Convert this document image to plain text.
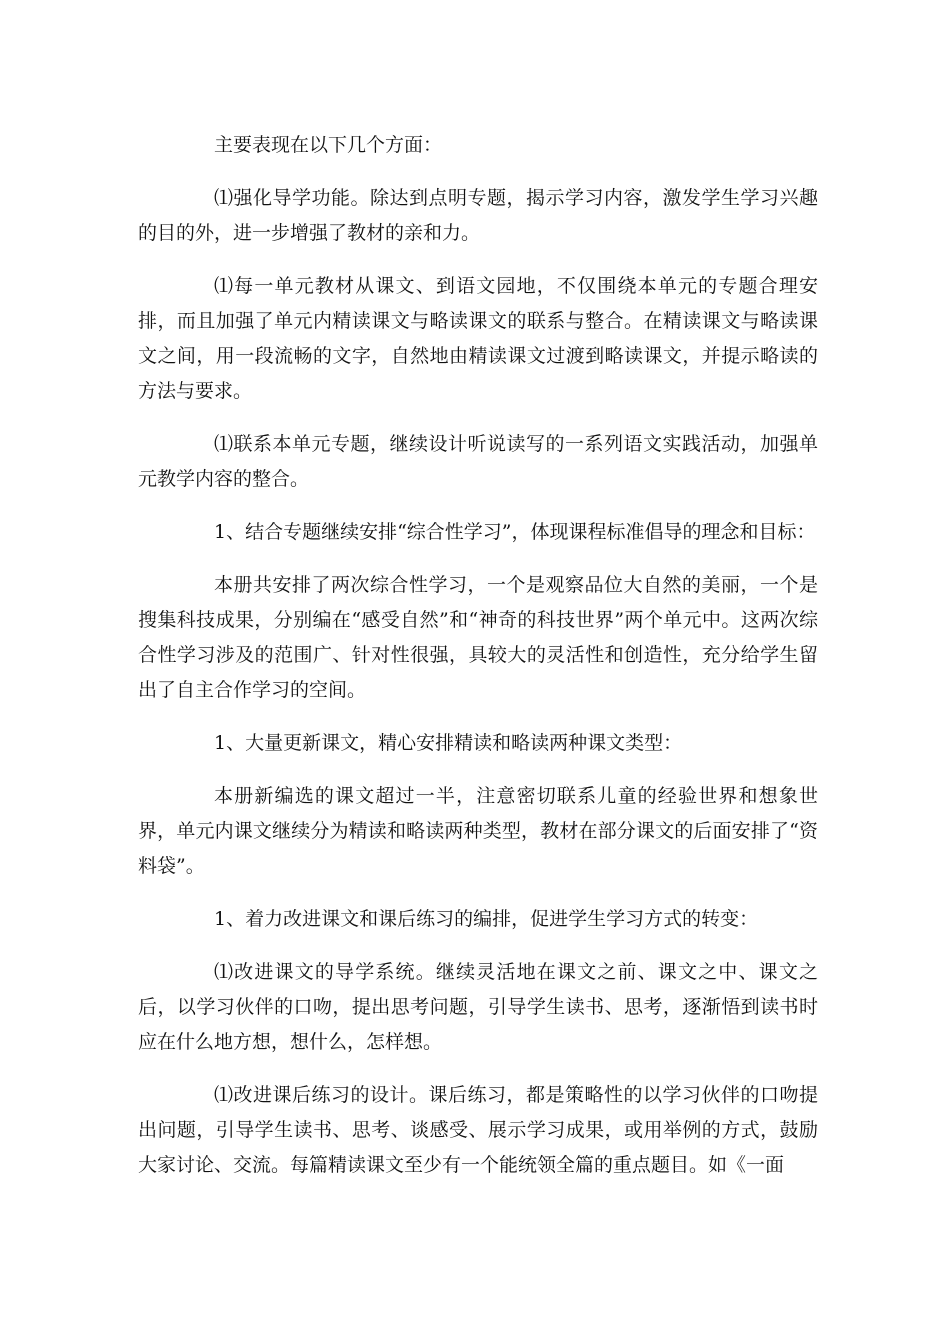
主要表现在以下几个方面：

⑴强化导学功能。除达到点明专题，揭示学习内容，激发学生学习兴趣的目的外，进一步增强了教材的亲和力。

⑴每一单元教材从课文、到语文园地，不仅围绕本单元的专题合理安排，而且加强了单元内精读课文与略读课文的联系与整合。在精读课文与略读课文之间，用一段流畅的文字，自然地由精读课文过渡到略读课文，并提示略读的方法与要求。

⑴联系本单元专题，继续设计听说读写的一系列语文实践活动，加强单元教学内容的整合。

1、结合专题继续安排“综合性学习”，体现课程标准倡导的理念和目标：

本册共安排了两次综合性学习，一个是观察品位大自然的美丽，一个是搜集科技成果，分别编在“感受自然”和“神奇的科技世界”两个单元中。这两次综合性学习涉及的范围广、针对性很强，具较大的灵活性和创造性，充分给学生留出了自主合作学习的空间。

1、大量更新课文，精心安排精读和略读两种课文类型：

本册新编选的课文超过一半，注意密切联系儿童的经验世界和想象世界，单元内课文继续分为精读和略读两种类型，教材在部分课文的后面安排了“资料袋”。

1、着力改进课文和课后练习的编排，促进学生学习方式的转变：

⑴改进课文的导学系统。继续灵活地在课文之前、课文之中、课文之后，以学习伙伴的口吻，提出思考问题，引导学生读书、思考，逐渐悟到读书时应在什么地方想，想什么，怎样想。

⑴改进课后练习的设计。课后练习，都是策略性的以学习伙伴的口吻提出问题，引导学生读书、思考、谈感受、展示学习成果，或用举例的方式，鼓励大家讨论、交流。每篇精读课文至少有一个能统领全篇的重点题目。如《一面
